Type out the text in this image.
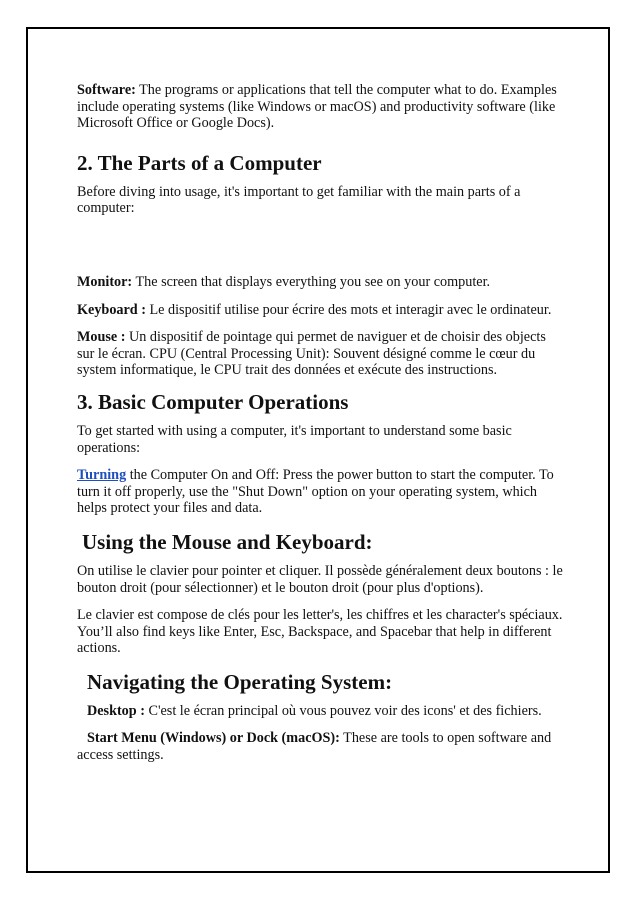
Software: The programs or applications that tell the computer what to do. Examples include operating systems (like Windows or macOS) and productivity software (like Microsoft Office or Google Docs).

2. The Parts of a Computer

Before diving into usage, it's important to get familiar with the main parts of a computer:

Monitor: The screen that displays everything you see on your computer.

Keyboard : Le dispositif utilise pour écrire des mots et interagir avec le ordinateur.

Mouse : Un dispositif de pointage qui permet de naviguer et de choisir des objects sur le écran. CPU (Central Processing Unit): Souvent désigné comme le cœur du system informatique, le CPU trait des données et exécute des instructions.

3. Basic Computer Operations

To get started with using a computer, it's important to understand some basic operations:

Turning the Computer On and Off: Press the power button to start the computer. To turn it off properly, use the "Shut Down" option on your operating system, which helps protect your files and data.

Using the Mouse and Keyboard:

On utilise le clavier pour pointer et cliquer. Il possède généralement deux boutons : le bouton droit (pour sélectionner) et le bouton droit (pour plus d'options).

Le clavier est compose de clés pour les letter's, les chiffres et les character's spéciaux. You’ll also find keys like Enter, Esc, Backspace, and Spacebar that help in different actions.

Navigating the Operating System:

Desktop : C'est le écran principal où vous pouvez voir des icons' et des fichiers.

Start Menu (Windows) or Dock (macOS): These are tools to open software and access settings.
